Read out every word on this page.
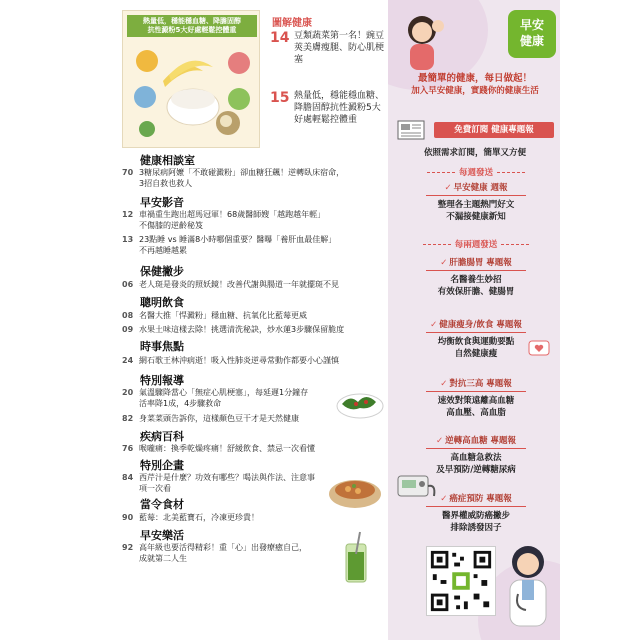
熱量低，穩能穩血糖、降膽固醇
抗性澱粉5大好處輕鬆控體重
圖解健康
14 豆類蔬菜第一名！豌豆莢美膚瘦腿、防心肌梗塞
15 熱量低，穩能穩血糖、降膽固醇抗性澱粉5大好處輕鬆控體重
健康相談室
70 3糖尿病阿嬤「不敢碰澱粉」卻血糖狂飆！逆轉臥床宿命，
3招自救也救人
早安影音
12 車禍重生跑出超馬冠軍！68歲醫師嫂「越跑越年輕」
不傷膝的逆齡秘笈
13 23點睡 vs 睡滿8小時哪個重要？醫曝「養肝血最佳解」
不再越睡越累
保健撇步
06 老人斑是發炎的照妖鏡！改善代謝與腸道一年就擺斑不見
聰明飲食
08 名醫大推「悍澱粉」穩血糖、抗氧化比藍莓更威
09 水果土味這樣去除！挑選清洗秘訣，炒水蓮3步驟保留脆度
時事焦點
24 網石歌王林沖病逝！吸入性肺炎逆尋常動作都要小心謹慎
特別報導
20 氣溫驟降當心「無症心肌梗塞」，每延遲1分鐘存
活率降1成，4步驟救命
82 身菜菜頭告訴你，這樣顏色豆干才是天然健康
疾病百科
76 喉嚨痛：換季乾燥疼痛！舒緩飲食、禁忌一次看懂
特別企畫
84 西芹汁是什麼？功效有哪些？喝法與作法、注意事
項一次看
當令食材
90 藍莓：北美藍寶石，冷凍更珍貴！
早安樂活
92 高年級也要活得精彩！重「心」出發療癒自己，
成就第二人生
早安
健康
最簡單的健康，每日做起！
加入早安健康，實踐你的健康生活
免費訂閱 健康專題報
依照需求訂閱，簡單又方便
每週發送
✓ 早安健康 週報
整理各主題熱門好文
不漏接健康新知
每兩週發送
✓ 肝膽腸胃 專題報
名醫養生妙招
有效保肝膽、健腸胃
✓ 健康瘦身/飲食 專題報
均衡飲食與運動要點
自然健康瘦
✓ 對抗三高 專題報
速效對策遠離高血糖
高血壓、高血脂
✓ 逆轉高血糖 專題報
高血糖急救法
及早預防/逆轉糖尿病
✓ 癌症預防 專題報
醫界權威防癌撇步
排除誘發因子
